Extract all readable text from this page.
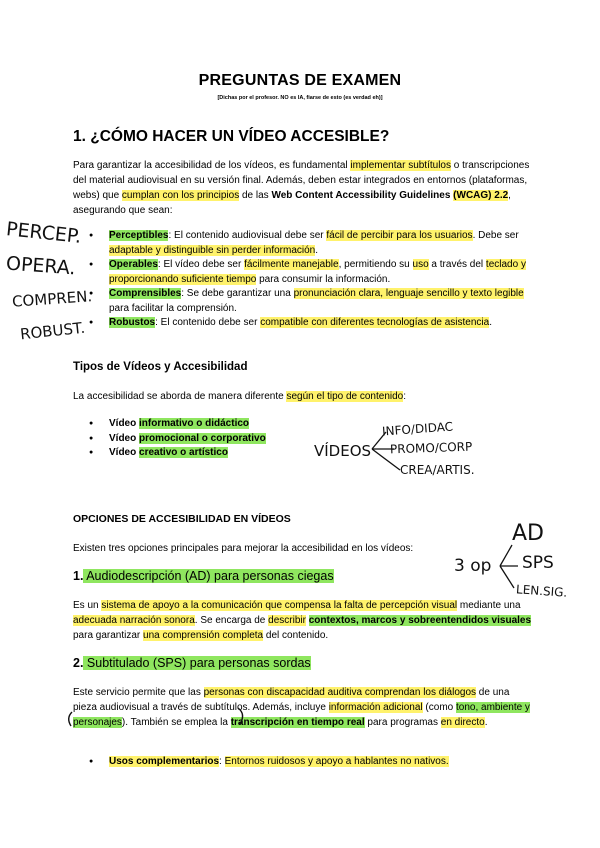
PREGUNTAS DE EXAMEN
[Dichas por el profesor. NO es IA, fiarse de esto (es verdad eh)]
1. ¿CÓMO HACER UN VÍDEO ACCESIBLE?
Para garantizar la accesibilidad de los vídeos, es fundamental implementar subtítulos o transcripciones del material audiovisual en su versión final. Además, deben estar integrados en entornos (plataformas, webs) que cumplan con los principios de las Web Content Accessibility Guidelines (WCAG) 2.2, asegurando que sean:
● Perceptibles: El contenido audiovisual debe ser fácil de percibir para los usuarios. Debe ser adaptable y distinguible sin perder información.
● Operables: El vídeo debe ser fácilmente manejable, permitiendo su uso a través del teclado y proporcionando suficiente tiempo para consumir la información.
● Comprensibles: Se debe garantizar una pronunciación clara, lenguaje sencillo y texto legible para facilitar la comprensión.
● Robustos: El contenido debe ser compatible con diferentes tecnologías de asistencia.
Tipos de Vídeos y Accesibilidad
La accesibilidad se aborda de manera diferente según el tipo de contenido:
● Vídeo informativo o didáctico
● Vídeo promocional o corporativo
● Vídeo creativo o artístico
OPCIONES DE ACCESIBILIDAD EN VÍDEOS
Existen tres opciones principales para mejorar la accesibilidad en los vídeos:
1. Audiodescripción (AD) para personas ciegas
Es un sistema de apoyo a la comunicación que compensa la falta de percepción visual mediante una adecuada narración sonora. Se encarga de describir contextos, marcos y sobreentendidos visuales para garantizar una comprensión completa del contenido.
2. Subtitulado (SPS) para personas sordas
Este servicio permite que las personas con discapacidad auditiva comprendan los diálogos de una pieza audiovisual a través de subtítulos. Además, incluye información adicional (como tono, ambiente y personajes). También se emplea la transcripción en tiempo real para programas en directo.
● Usos complementarios: Entornos ruidosos y apoyo a hablantes no nativos.
PERCEP.
OPERA.
COMPREN.
ROBUST.
VÍDEOS
INFO/DIDAC
PROMO/CORP
CREA/ARTIS.
3 op
AD
SPS
LEN.SIG.
